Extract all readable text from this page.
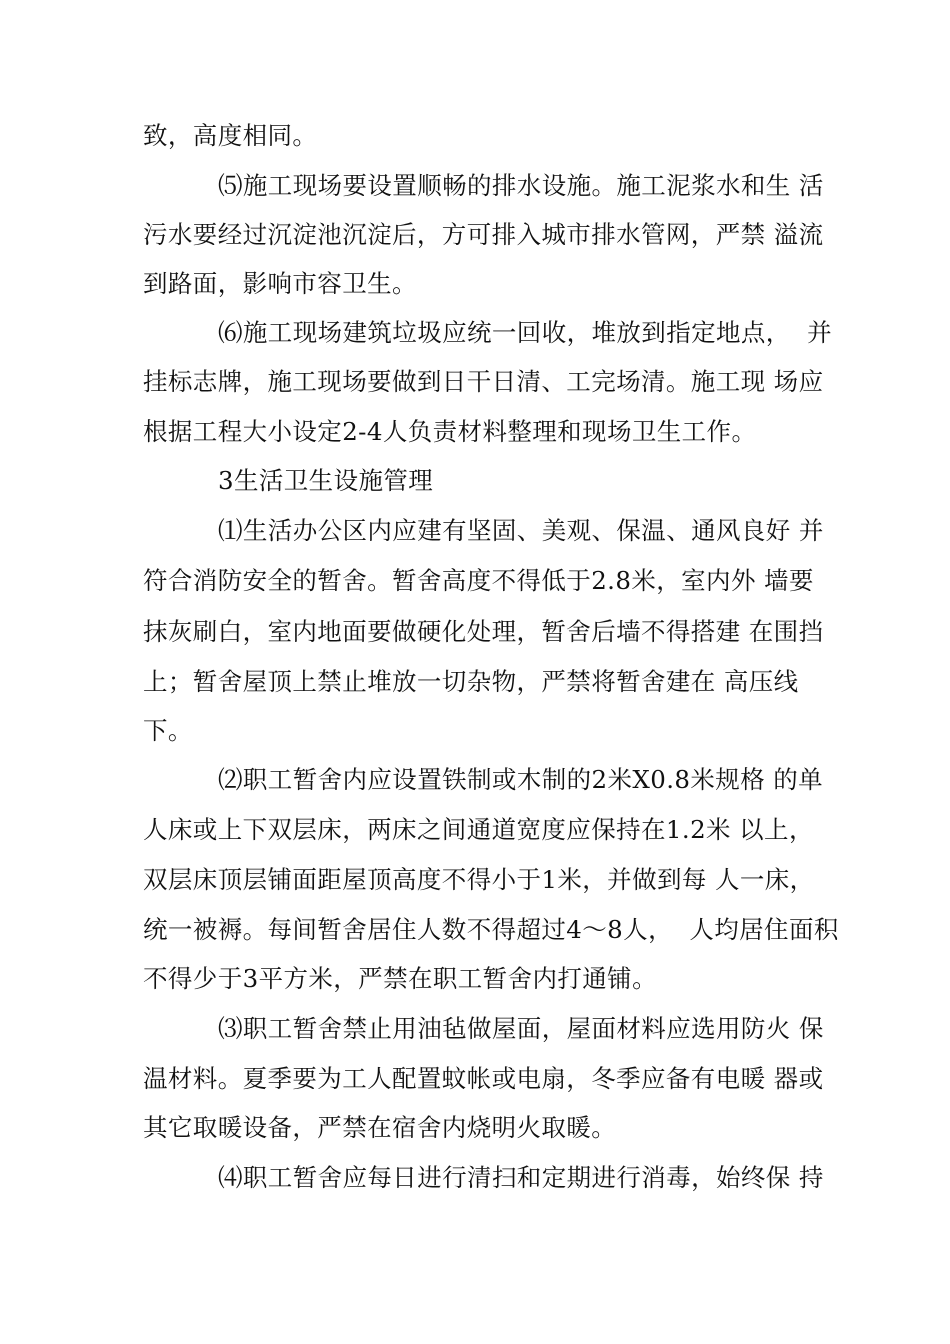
致，高度相同。
⑸施工现场要设置顺畅的排水设施。施工泥浆水和生 活
污水要经过沉淀池沉淀后，方可排入城市排水管网，严禁 溢流
到路面，影响市容卫生。
⑹施工现场建筑垃圾应统一回收，堆放到指定地点，  并
挂标志牌，施工现场要做到日干日清、工完场清。施工现 场应
根据工程大小设定2-4人负责材料整理和现场卫生工作。
3生活卫生设施管理
⑴生活办公区内应建有坚固、美观、保温、通风良好 并
符合消防安全的暂舍。暂舍高度不得低于2.8米，室内外 墙要
抹灰刷白，室内地面要做硬化处理，暂舍后墙不得搭建 在围挡
上；暂舍屋顶上禁止堆放一切杂物，严禁将暂舍建在 高压线
下。
⑵职工暂舍内应设置铁制或木制的2米X0.8米规格 的单
人床或上下双层床，两床之间通道宽度应保持在1.2米 以上，
双层床顶层铺面距屋顶高度不得小于1米，并做到每 人一床，
统一被褥。每间暂舍居住人数不得超过4〜8人，  人均居住面积
不得少于3平方米，严禁在职工暂舍内打通铺。
⑶职工暂舍禁止用油毡做屋面，屋面材料应选用防火 保
温材料。夏季要为工人配置蚊帐或电扇，冬季应备有电暖 器或
其它取暖设备，严禁在宿舍内烧明火取暖。
⑷职工暂舍应每日进行清扫和定期进行消毒，始终保 持
